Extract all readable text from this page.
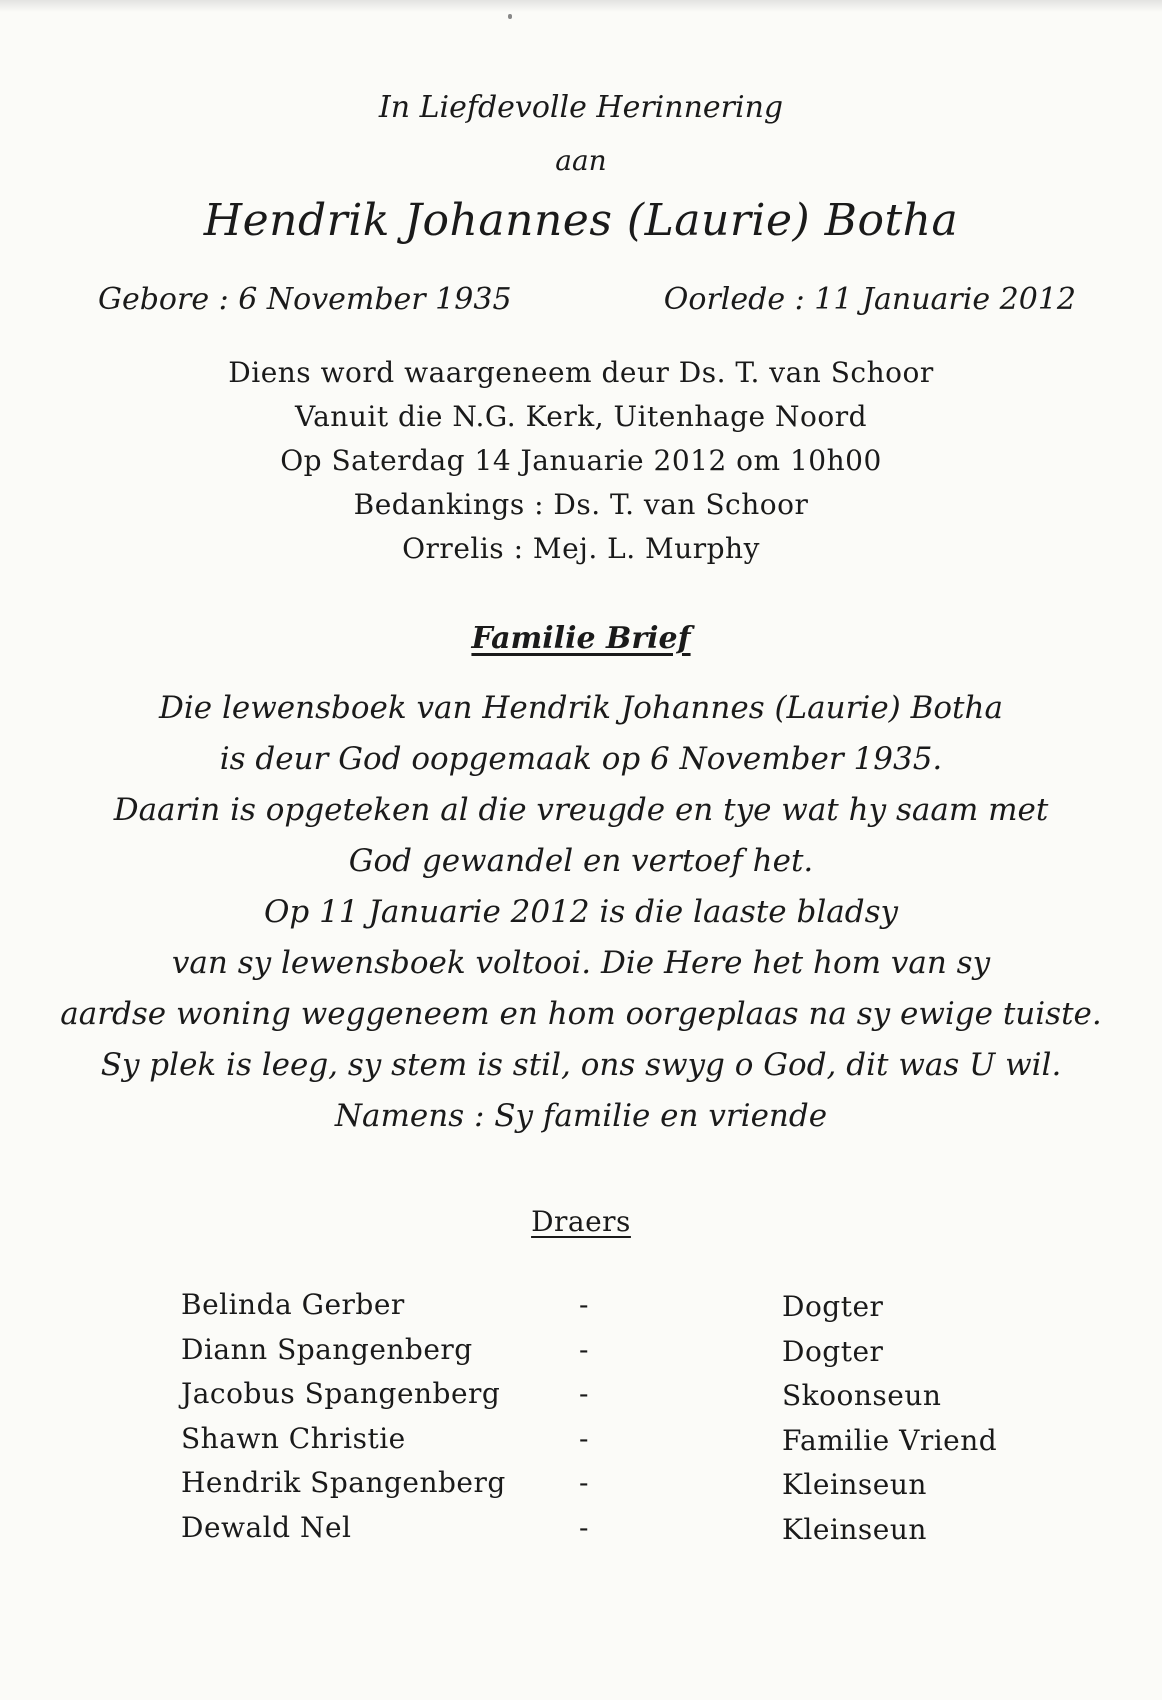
In Liefdevolle Herinnering
aan
Hendrik Johannes (Laurie) Botha
Gebore : 6 November 1935	Oorlede : 11 Januarie 2012
Diens word waargeneem deur Ds. T. van Schoor
Vanuit die N.G. Kerk, Uitenhage Noord
Op Saterdag 14 Januarie 2012 om 10h00
Bedankings : Ds. T. van Schoor
Orrelis : Mej. L. Murphy
Familie Brief
Die lewensboek van Hendrik Johannes (Laurie) Botha
is deur God oopgemaak op 6 November 1935.
Daarin is opgeteken al die vreugde en tye wat hy saam met
God gewandel en vertoef het.
Op 11 Januarie 2012 is die laaste bladsy
van sy lewensboek voltooi. Die Here het hom van sy
aardse woning weggeneem en hom oorgeplaas na sy ewige tuiste.
Sy plek is leeg, sy stem is stil, ons swyg o God, dit was U wil.
Namens : Sy familie en vriende
Draers
Belinda Gerber	-	Dogter
Diann Spangenberg	-	Dogter
Jacobus Spangenberg	-	Skoonseun
Shawn Christie	-	Familie Vriend
Hendrik Spangenberg	-	Kleinseun
Dewald Nel	-	Kleinseun
